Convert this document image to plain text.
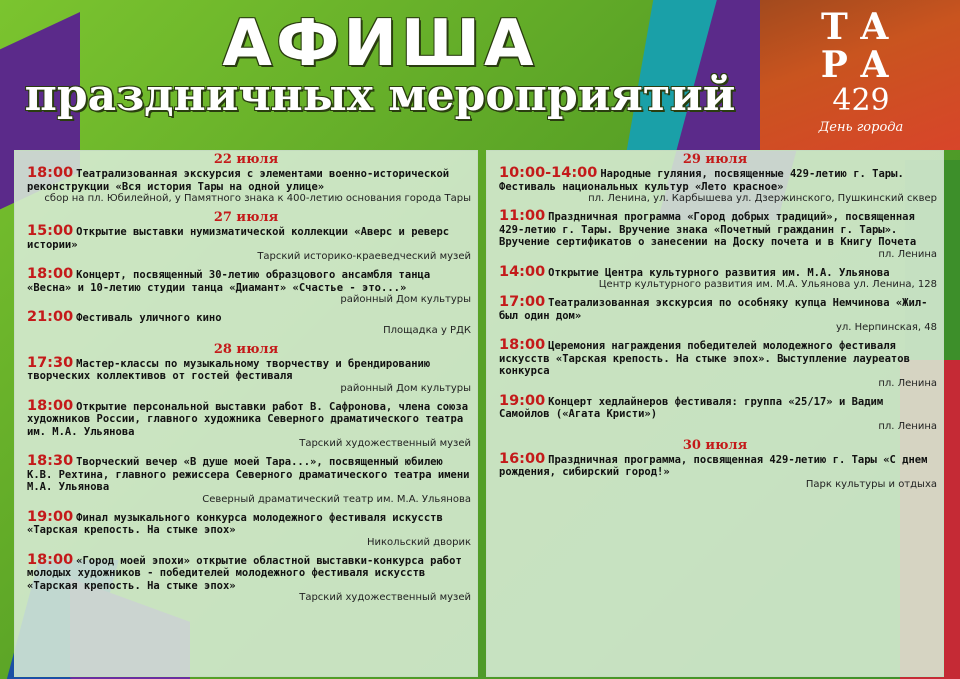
АФИША
праздничных мероприятий
ТА
РА
429
День города
22 июля
18:00 Театрализованная экскурсия с элементами военно-исторической реконструкции «Вся история Тары на одной улице»
сбор на пл. Юбилейной, у Памятного знака к 400-летию основания города Тары
27 июля
15:00 Открытие выставки нумизматической коллекции «Аверс и реверс истории»
Тарский историко-краеведческий музей
18:00 Концерт, посвященный 30-летию образцового ансамбля танца «Весна» и 10-летию студии танца «Диамант» «Счастье - это...»
районный Дом культуры
21:00 Фестиваль уличного кино
Площадка у РДК
28 июля
17:30 Мастер-классы по музыкальному творчеству и брендированию творческих коллективов от гостей фестиваля
районный Дом культуры
18:00 Открытие персональной выставки работ В. Сафронова, члена союза художников России, главного художника Северного драматического театра им. М.А. Ульянова
Тарский художественный музей
18:30 Творческий вечер «В душе моей Тара...», посвященный юбилею К.В. Рехтина, главного режиссера Северного драматического театра имени М.А. Ульянова
Северный драматический театр им. М.А. Ульянова
19:00 Финал музыкального конкурса молодежного фестиваля искусств «Тарская крепость. На стыке эпох»
Никольский дворик
18:00 «Город моей эпохи» открытие областной выставки-конкурса работ молодых художников - победителей молодежного фестиваля искусств «Тарская крепость. На стыке эпох»
Тарский художественный музей
29 июля
10:00-14:00 Народные гуляния, посвященные 429-летию г. Тары. Фестиваль национальных культур «Лето красное»
пл. Ленина, ул. Карбышева ул. Дзержинского, Пушкинский сквер
11:00 Праздничная программа «Город добрых традиций», посвященная 429-летию г. Тары. Вручение знака «Почетный гражданин г. Тары». Вручение сертификатов о занесении на Доску почета и в Книгу Почета
пл. Ленина
14:00 Открытие Центра культурного развития им. М.А. Ульянова
Центр культурного развития им. М.А. Ульянова ул. Ленина, 128
17:00 Театрализованная экскурсия по особняку купца Немчинова «Жил-был один дом»
ул. Нерпинская, 48
18:00 Церемония награждения победителей молодежного фестиваля искусств «Тарская крепость. На стыке эпох». Выступление лауреатов конкурса
пл. Ленина
19:00 Концерт хедлайнеров фестиваля: группа «25/17» и Вадим Самойлов («Агата Кристи»)
пл. Ленина
30 июля
16:00 Праздничная программа, посвященная 429-летию г. Тары «С днем рождения, сибирский город!»
Парк культуры и отдыха
